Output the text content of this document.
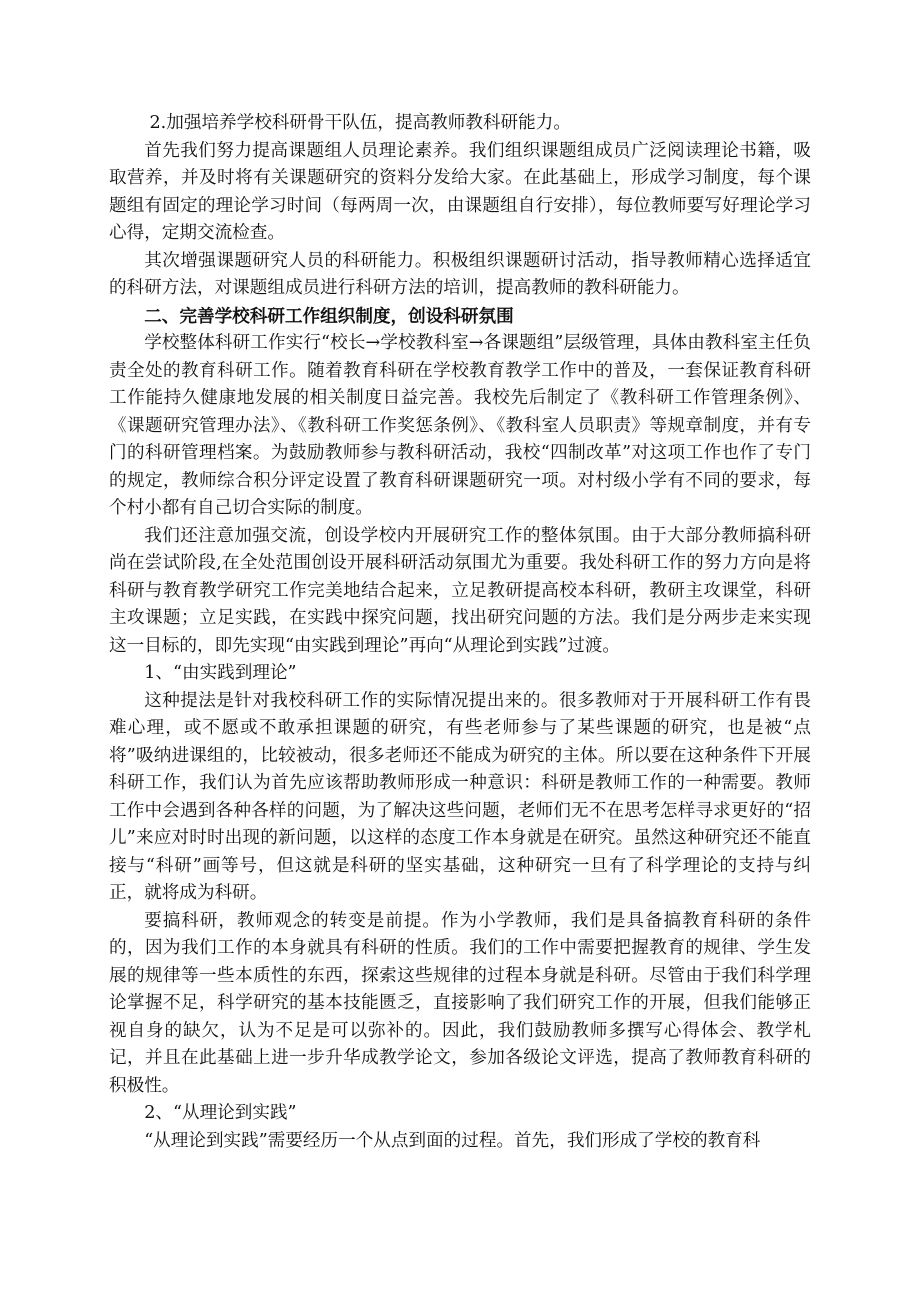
2.加强培养学校科研骨干队伍，提高教师教科研能力。

首先我们努力提高课题组人员理论素养。我们组织课题组成员广泛阅读理论书籍，吸取营养，并及时将有关课题研究的资料分发给大家。在此基础上，形成学习制度，每个课题组有固定的理论学习时间（每两周一次，由课题组自行安排），每位教师要写好理论学习心得，定期交流检查。

其次增强课题研究人员的科研能力。积极组织课题研讨活动，指导教师精心选择适宜的科研方法，对课题组成员进行科研方法的培训，提高教师的教科研能力。

二、完善学校科研工作组织制度，创设科研氛围

学校整体科研工作实行“校长→学校教科室→各课题组”层级管理，具体由教科室主任负责全处的教育科研工作。随着教育科研在学校教育教学工作中的普及，一套保证教育科研工作能持久健康地发展的相关制度日益完善。我校先后制定了《教科研工作管理条例》、《课题研究管理办法》、《教科研工作奖惩条例》、《教科室人员职责》等规章制度，并有专门的科研管理档案。为鼓励教师参与教科研活动，我校“四制改革”对这项工作也作了专门的规定，教师综合积分评定设置了教育科研课题研究一项。对村级小学有不同的要求，每个村小都有自己切合实际的制度。

我们还注意加强交流，创设学校内开展研究工作的整体氛围。由于大部分教师搞科研尚在尝试阶段,在全处范围创设开展科研活动氛围尤为重要。我处科研工作的努力方向是将科研与教育教学研究工作完美地结合起来，立足教研提高校本科研，教研主攻课堂，科研主攻课题；立足实践，在实践中探究问题，找出研究问题的方法。我们是分两步走来实现这一目标的，即先实现“由实践到理论”再向“从理论到实践”过渡。

1、“由实践到理论”

这种提法是针对我校科研工作的实际情况提出来的。很多教师对于开展科研工作有畏难心理，或不愿或不敢承担课题的研究，有些老师参与了某些课题的研究，也是被“点将”吸纳进课组的，比较被动，很多老师还不能成为研究的主体。所以要在这种条件下开展科研工作，我们认为首先应该帮助教师形成一种意识：科研是教师工作的一种需要。教师工作中会遇到各种各样的问题，为了解决这些问题，老师们无不在思考怎样寻求更好的“招儿”来应对时时出现的新问题，以这样的态度工作本身就是在研究。虽然这种研究还不能直接与“科研”画等号，但这就是科研的坚实基础，这种研究一旦有了科学理论的支持与纠正，就将成为科研。

要搞科研，教师观念的转变是前提。作为小学教师，我们是具备搞教育科研的条件的，因为我们工作的本身就具有科研的性质。我们的工作中需要把握教育的规律、学生发展的规律等一些本质性的东西，探索这些规律的过程本身就是科研。尽管由于我们科学理论掌握不足，科学研究的基本技能匮乏，直接影响了我们研究工作的开展，但我们能够正视自身的缺欠，认为不足是可以弥补的。因此，我们鼓励教师多撰写心得体会、教学札记，并且在此基础上进一步升华成教学论文，参加各级论文评选，提高了教师教育科研的积极性。

2、“从理论到实践”

“从理论到实践”需要经历一个从点到面的过程。首先，我们形成了学校的教育科
